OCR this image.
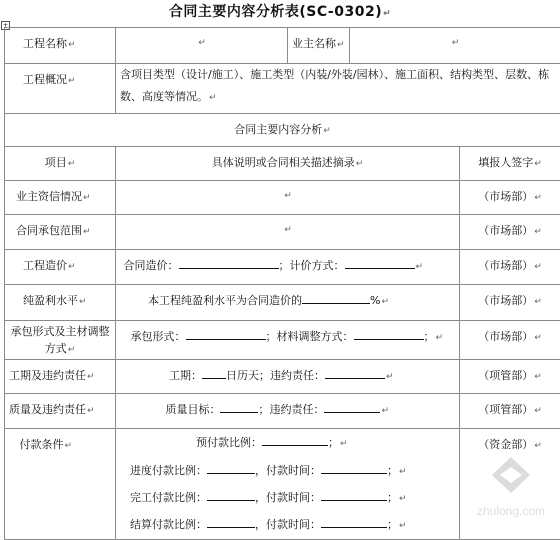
合同主要内容分析表(SC-0302)↵
+
工程名称↵	↵	业主名称↵	↵	
工程概况↵	含项目类型（设计/施工）、施工类型（内装/外装/园林）、施工面积、结构类型、层数、栋数、高度等情况。↵			
合同主要内容分析↵				
项目↵	具体说明或合同相关描述摘录↵			填报人签字↵
业主资信情况↵	↵			（市场部）↵
合同承包范围↵	↵			（市场部）↵
工程造价↵	合同造价： ；计价方式： ↵			（市场部）↵
纯盈利水平↵	本工程纯盈利水平为合同造价的 %↵			（市场部）↵
承包形式及主材调整方式↵	承包形式： ；材料调整方式： ；↵			（市场部）↵
工期及违约责任↵	工期： 日历天；违约责任： ↵			（项管部）↵
质量及违约责任↵	质量目标： ；违约责任： ↵			（项管部）↵
付款条件↵	预付款比例： ；↵
进度付款比例： ，付款时间： ；↵
完工付款比例： ，付款时间： ；↵
结算付款比例： ，付款时间： ；↵			（资金部）↵
zhulong.com
